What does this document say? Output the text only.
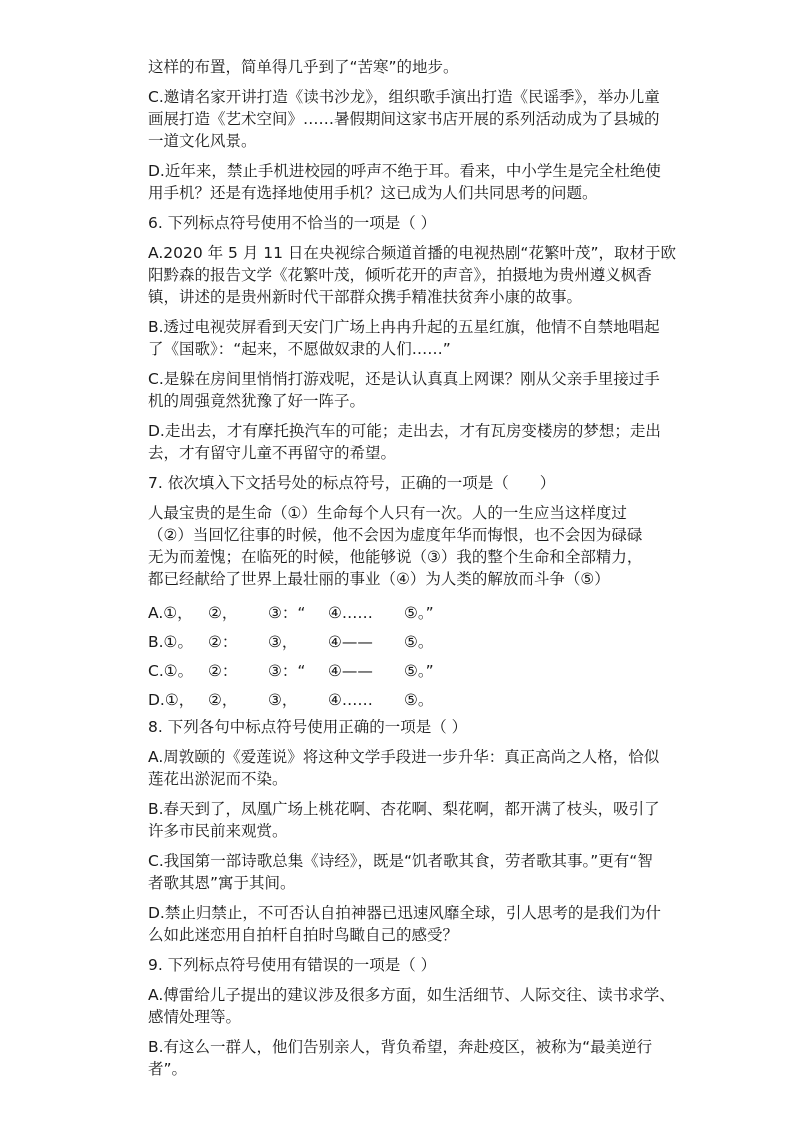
这样的布置，简单得几乎到了“苦寒”的地步。

C.邀请名家开讲打造《读书沙龙》，组织歌手演出打造《民谣季》，举办儿童
画展打造《艺术空间》……暑假期间这家书店开展的系列活动成为了县城的
一道文化风景。

D.近年来，禁止手机进校园的呼声不绝于耳。看来，中小学生是完全杜绝使
用手机？还是有选择地使用手机？这已成为人们共同思考的问题。

6. 下列标点符号使用不恰当的一项是（ ）

A.2020 年 5 月 11 日在央视综合频道首播的电视热剧“花繁叶茂”，取材于欧
阳黔森的报告文学《花繁叶茂，倾听花开的声音》，拍摄地为贵州遵义枫香
镇，讲述的是贵州新时代干部群众携手精准扶贫奔小康的故事。

B.透过电视荧屏看到天安门广场上冉冉升起的五星红旗，他情不自禁地唱起
了《国歌》：“起来，不愿做奴隶的人们……”

C.是躲在房间里悄悄打游戏呢，还是认认真真上网课？刚从父亲手里接过手
机的周强竟然犹豫了好一阵子。

D.走出去，才有摩托换汽车的可能；走出去，才有瓦房变楼房的梦想；走出
去，才有留守儿童不再留守的希望。

7. 依次填入下文括号处的标点符号，正确的一项是（　　）

人最宝贵的是生命（①）生命每个人只有一次。人的一生应当这样度过
（②）当回忆往事的时候，他不会因为虚度年华而悔恨，也不会因为碌碌
无为而羞愧；在临死的时候，他能够说（③）我的整个生命和全部精力，
都已经献给了世界上最壮丽的事业（④）为人类的解放而斗争（⑤）

A.①， ②，	③：“	④……	⑤。”
B.①。 ②：	③，	④——	⑤。
C.①。 ②：	③：“	④——	⑤。”
D.①， ②，	③，	④……	⑤。

8. 下列各句中标点符号使用正确的一项是（ ）

A.周敦颐的《爱莲说》将这种文学手段进一步升华：真正高尚之人格，恰似
莲花出淤泥而不染。

B.春天到了，凤凰广场上桃花啊、杏花啊、梨花啊，都开满了枝头，吸引了
许多市民前来观赏。

C.我国第一部诗歌总集《诗经》，既是“饥者歌其食，劳者歌其事。”更有“智
者歌其恩”寓于其间。

D.禁止归禁止，不可否认自拍神器已迅速风靡全球，引人思考的是我们为什
么如此迷恋用自拍杆自拍时鸟瞰自己的感受？

9. 下列标点符号使用有错误的一项是（ ）

A.傅雷给儿子提出的建议涉及很多方面，如生活细节、人际交往、读书求学、
感情处理等。

B.有这么一群人，他们告别亲人，背负希望，奔赴疫区，被称为“最美逆行
者”。
